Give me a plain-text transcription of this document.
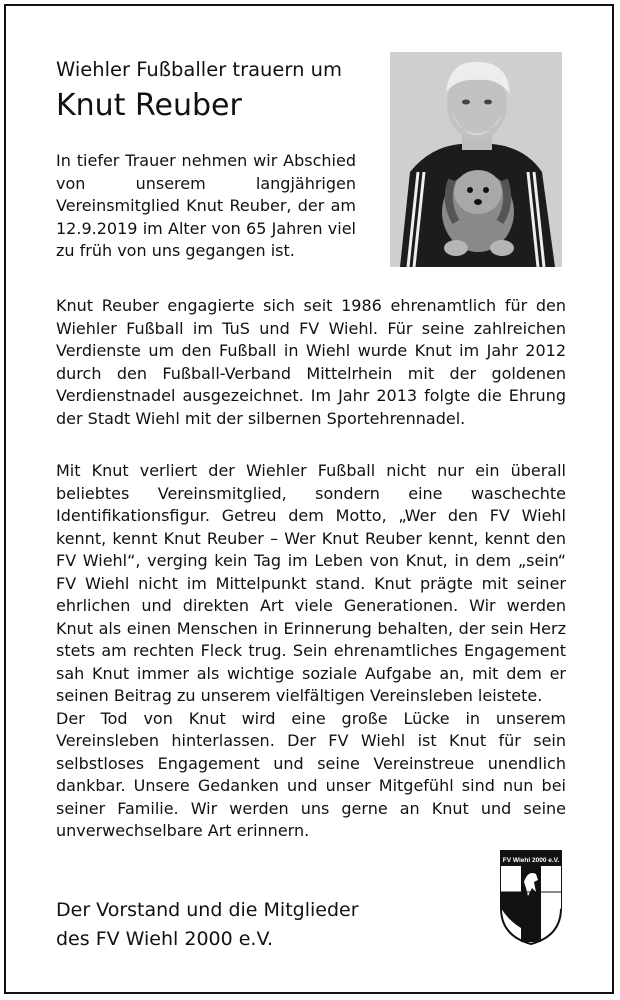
Wiehler Fußballer trauern um
Knut Reuber
In tiefer Trauer nehmen wir Abschied von unserem langjährigen Vereinsmitglied Knut Reuber, der am 12.9.2019 im Alter von 65 Jahren viel zu früh von uns gegangen ist.
Knut Reuber engagierte sich seit 1986 ehrenamtlich für den Wiehler Fußball im TuS und FV Wiehl. Für seine zahlreichen Verdienste um den Fußball in Wiehl wurde Knut im Jahr 2012 durch den Fußball-Verband Mittelrhein mit der goldenen Verdienstnadel ausgezeichnet. Im Jahr 2013 folgte die Ehrung der Stadt Wiehl mit der silbernen Sportehrennadel.
Mit Knut verliert der Wiehler Fußball nicht nur ein überall beliebtes Vereinsmitglied, sondern eine waschechte Identifikationsfigur. Getreu dem Motto, „Wer den FV Wiehl kennt, kennt Knut Reuber – Wer Knut Reuber kennt, kennt den FV Wiehl“, verging kein Tag im Leben von Knut, in dem „sein“ FV Wiehl nicht im Mittelpunkt stand. Knut prägte mit seiner ehrlichen und direkten Art viele Generationen. Wir werden Knut als einen Menschen in Erinnerung behalten, der sein Herz stets am rechten Fleck trug. Sein ehrenamtliches Engagement sah Knut immer als wichtige soziale Aufgabe an, mit dem er seinen Beitrag zu unserem vielfältigen Vereinsleben leistete.
Der Tod von Knut wird eine große Lücke in unserem Vereinsleben hinterlassen. Der FV Wiehl ist Knut für sein selbstloses Engagement und seine Vereinstreue unendlich dankbar. Unsere Gedanken und unser Mitgefühl sind nun bei seiner Familie. Wir werden uns gerne an Knut und seine unverwechselbare Art erinnern.
Der Vorstand und die Mitglieder
des FV Wiehl 2000 e.V.
FV Wiehl 2000 e.V.
